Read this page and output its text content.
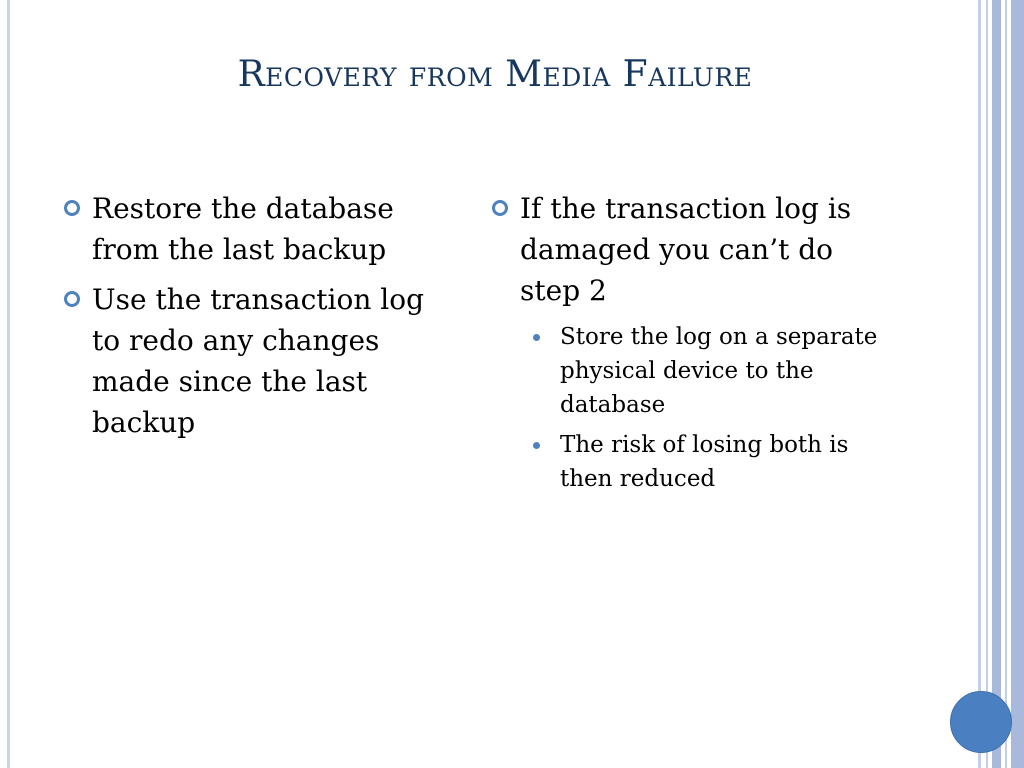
Recovery from Media Failure
Restore the database from the last backup
Use the transaction log to redo any changes made since the last backup
If the transaction log is damaged you can’t do step 2
Store the log on a separate physical device to the database
The risk of losing both is then reduced
